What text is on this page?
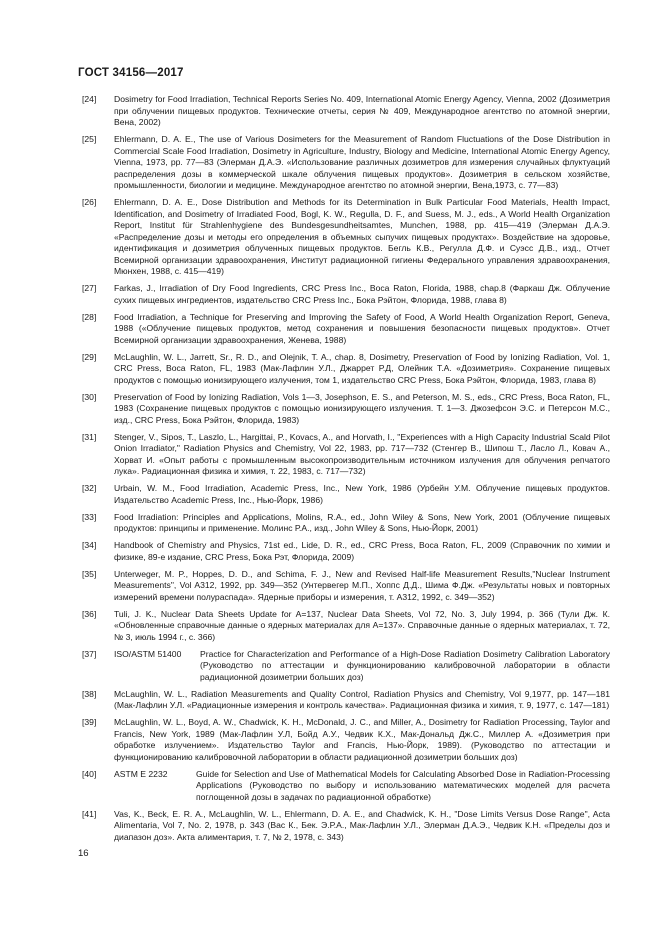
ГОСТ 34156—2017
[24]	Dosimetry for Food Irradiation, Technical Reports Series No. 409, International Atomic Energy Agency, Vienna, 2002 (Дозиметрия при облучении пищевых продуктов. Технические отчеты, серия № 409, Международное агентство по атомной энергии, Вена, 2002)
[25]	Ehlermann, D. A. E., The use of Various Dosimeters for the Measurement of Random Fluctuations of the Dose Distribution in Commercial Scale Food Irradiation, Dosimetry in Agriculture, Industry, Biology and Medicine, International Atomic Energy Agency, Vienna, 1973, pp. 77—83 (Элерман Д.А.Э. «Использование различных дозиметров для измерения случайных флуктуаций распределения дозы в коммерческой шкале облучения пищевых продуктов». Дозиметрия в сельском хозяйстве, промышленности, биологии и медицине. Международное агентство по атомной энергии, Вена,1973, с. 77—83)
[26]	Ehlermann, D. A. E., Dose Distribution and Methods for its Determination in Bulk Particular Food Materials, Health Impact, Identification, and Dosimetry of Irradiated Food, Bogl, K. W., Regulla, D. F., and Suess, M. J., eds., A World Health Organization Report, Institut für Strahlenhygiene des Bundesgesundheitsamtes, Munchen, 1988, pp. 415—419 (Элерман Д.А.Э. «Распределение дозы и методы его определения в объемных сыпучих пищевых продуктах». Воздействие на здоровье, идентификация и дозиметрия облученных пищевых продуктов. Бегль К.В., Регулла Д.Ф. и Суэсс Д.В., изд., Отчет Всемирной организации здравоохранения, Институт радиационной гигиены Федерального управления здравоохранения, Мюнхен, 1988, с. 415—419)
[27]	Farkas, J., Irradiation of Dry Food Ingredients, CRC Press Inc., Boca Raton, Florida, 1988, chap.8 (Фаркаш Дж. Облучение сухих пищевых ингредиентов, издательство CRC Press Inc., Бока Рэйтон, Флорида, 1988, глава 8)
[28]	Food Irradiation, a Technique for Preserving and Improving the Safety of Food, A World Health Organization Report, Geneva, 1988 («Облучение пищевых продуктов, метод сохранения и повышения безопасности пищевых продуктов». Отчет Всемирной организации здравоохранения, Женева, 1988)
[29]	McLaughlin, W. L., Jarrett, Sr., R. D., and Olejnik, T. A., chap. 8, Dosimetry, Preservation of Food by Ionizing Radiation, Vol. 1, CRC Press, Boca Raton, FL, 1983 (Мак-Лафлин У.Л., Джаррет Р.Д, Олейник Т.А. «Дозиметрия». Сохранение пищевых продуктов с помощью ионизирующего излучения, том 1, издательство CRC Press, Бока Рэйтон, Флорида, 1983, глава 8)
[30]	Preservation of Food by Ionizing Radiation, Vols 1—3, Josephson, E. S., and Peterson, M. S., eds., CRC Press, Boca Raton, FL, 1983 (Сохранение пищевых продуктов с помощью ионизирующего излучения. Т. 1—3. Джозефсон Э.С. и Петерсон М.С., изд., CRC Press, Бока Рэйтон, Флорида, 1983)
[31]	Stenger, V., Sipos, T., Laszlo, L., Hargittai, P., Kovacs, A., and Horvath, I., "Experiences with a High Capacity Industrial Scald Pilot Onion Irradiator," Radiation Physics and Chemistry, Vol 22, 1983, pp. 717—732 (Стенгер В., Шипош Т., Ласло Л., Ковач А., Хорват И. «Опыт работы с промышленным высокопроизводительным источником излучения для облучения репчатого лука». Радиационная физика и химия, т. 22, 1983, с. 717—732)
[32]	Urbain, W. M., Food Irradiation, Academic Press, Inc., New York, 1986 (Урбейн У.М. Облучение пищевых продуктов. Издательство Academic Press, Inc., Нью-Йорк, 1986)
[33]	Food Irradiation: Principles and Applications, Molins, R.A., ed., John Wiley & Sons, New York, 2001 (Облучение пищевых продуктов: принципы и применение. Молинс Р.А., изд., John Wiley & Sons, Нью-Йорк, 2001)
[34]	Handbook of Chemistry and Physics, 71st ed., Lide, D. R., ed., CRC Press, Boca Raton, FL, 2009 (Справочник по химии и физике, 89-е издание, CRC Press, Бока Рэт, Флорида, 2009)
[35]	Unterweger, M. P., Hoppes, D. D., and Schima, F. J., New and Revised Half-life Measurement Results,"Nuclear Instrument Measurements", Vol A312, 1992, pp. 349—352 (Унтервегер М.П., Хоппс Д.Д., Шима Ф.Дж. «Результаты новых и повторных измерений времени полураспада». Ядерные приборы и измерения, т. А312, 1992, с. 349—352)
[36]	Tuli, J. K., Nuclear Data Sheets Update for A=137, Nuclear Data Sheets, Vol 72, No. 3, July 1994, p. 366 (Тули Дж. К. «Обновленные справочные данные о ядерных материалах для A=137». Справочные данные о ядерных материалах, т. 72, № 3, июль 1994 г., с. 366)
[37]	ISO/ASTM 51400	Practice for Characterization and Performance of a High-Dose Radiation Dosimetry Calibration Laboratory (Руководство по аттестации и функционированию калибровочной лаборатории в области радиационной дозиметрии больших доз)
[38]	McLaughlin, W. L., Radiation Measurements and Quality Control, Radiation Physics and Chemistry, Vol 9,1977, pp. 147—181 (Мак-Лафлин У.Л. «Радиационные измерения и контроль качества». Радиационная физика и химия, т. 9, 1977, с. 147—181)
[39]	McLaughlin, W. L., Boyd, A. W., Chadwick, K. H., McDonald, J. C., and Miller, A., Dosimetry for Radiation Processing, Taylor and Francis, New York, 1989 (Мак-Лафлин У.Л, Бойд А.У., Чедвик К.Х., Мак-Дональд Дж.С., Миллер А. «Дозиметрия при обработке излучением». Издательство Taylor and Francis, Нью-Йорк, 1989). (Руководство по аттестации и функционированию калибровочной лаборатории в области радиационной дозиметрии больших доз)
[40]	ASTM E 2232	Guide for Selection and Use of Mathematical Models for Calculating Absorbed Dose in Radiation-Processing Applications (Руководство по выбору и использованию математических моделей для расчета поглощенной дозы в задачах по радиационной обработке)
[41]	Vas, K., Beck, E. R. A., McLaughlin, W. L., Ehlermann, D. A. E., and Chadwick, K. H., "Dose Limits Versus Dose Range", Acta Alimentaria, Vol 7, No. 2, 1978, p. 343 (Вас К., Бек. Э.Р.А., Мак-Лафлин У.Л., Элерман Д.А.Э., Чедвик К.Н. «Пределы доз и диапазон доз». Акта алиментария, т. 7, № 2, 1978, с. 343)
16
